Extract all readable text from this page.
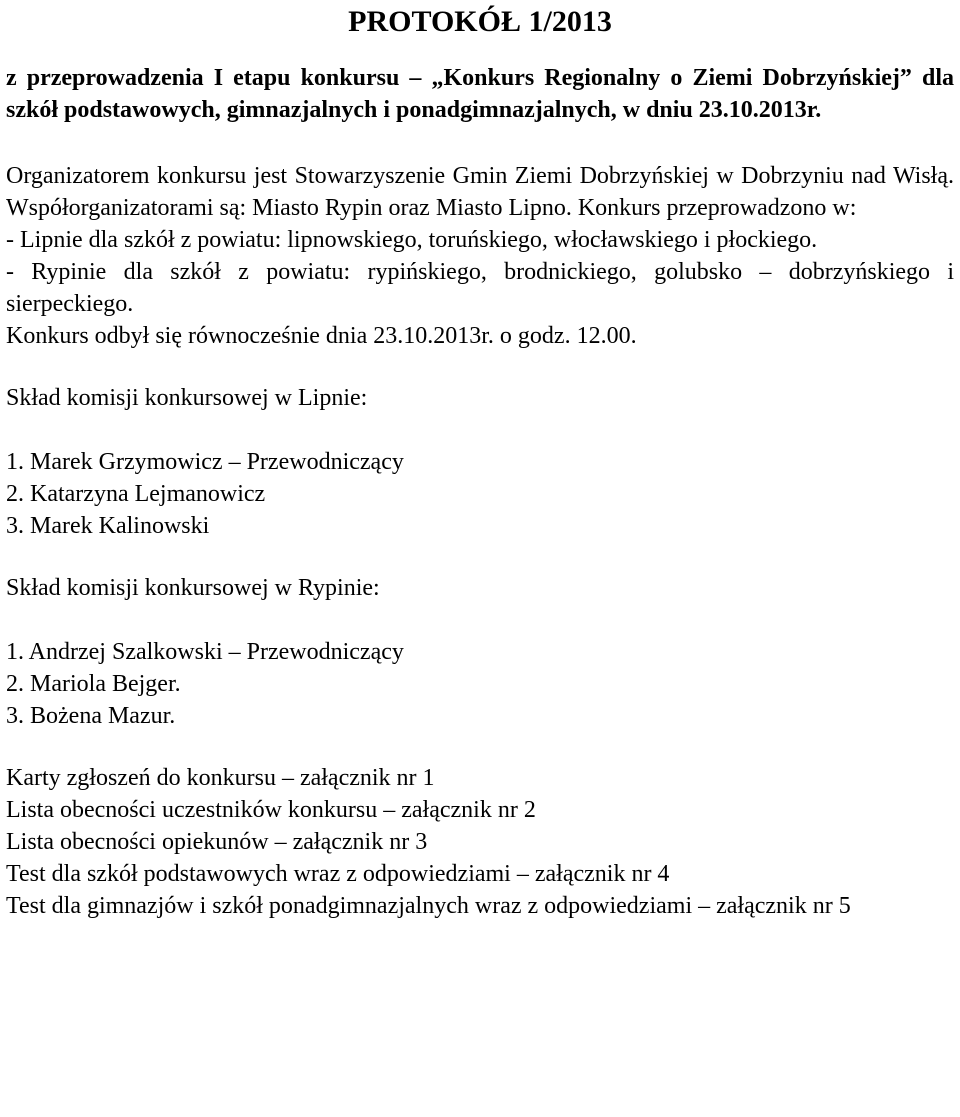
PROTOKÓŁ 1/2013
z przeprowadzenia I etapu konkursu – „Konkurs Regionalny o Ziemi Dobrzyńskiej” dla szkół podstawowych, gimnazjalnych i ponadgimnazjalnych, w dniu 23.10.2013r.

Organizatorem konkursu jest Stowarzyszenie Gmin Ziemi Dobrzyńskiej w Dobrzyniu nad Wisłą. Współorganizatorami są: Miasto Rypin oraz Miasto Lipno. Konkurs przeprowadzono w:

- Lipnie dla szkół z powiatu: lipnowskiego, toruńskiego, włocławskiego i płockiego.

- Rypinie dla szkół z powiatu: rypińskiego, brodnickiego, golubsko – dobrzyńskiego i sierpeckiego.

Konkurs odbył się równocześnie dnia 23.10.2013r. o godz. 12.00.

Skład komisji konkursowej w Lipnie:

1. Marek Grzymowicz – Przewodniczący
2. Katarzyna Lejmanowicz
3. Marek Kalinowski

Skład komisji konkursowej w Rypinie:

1. Andrzej Szalkowski – Przewodniczący
2. Mariola Bejger.
3. Bożena Mazur.
Karty zgłoszeń do konkursu – załącznik nr 1
Lista obecności uczestników konkursu – załącznik nr 2
Lista obecności opiekunów – załącznik nr 3
Test dla szkół podstawowych wraz z odpowiedziami – załącznik nr 4

Test dla gimnazjów i szkół ponadgimnazjalnych wraz z odpowiedziami – załącznik nr 5
